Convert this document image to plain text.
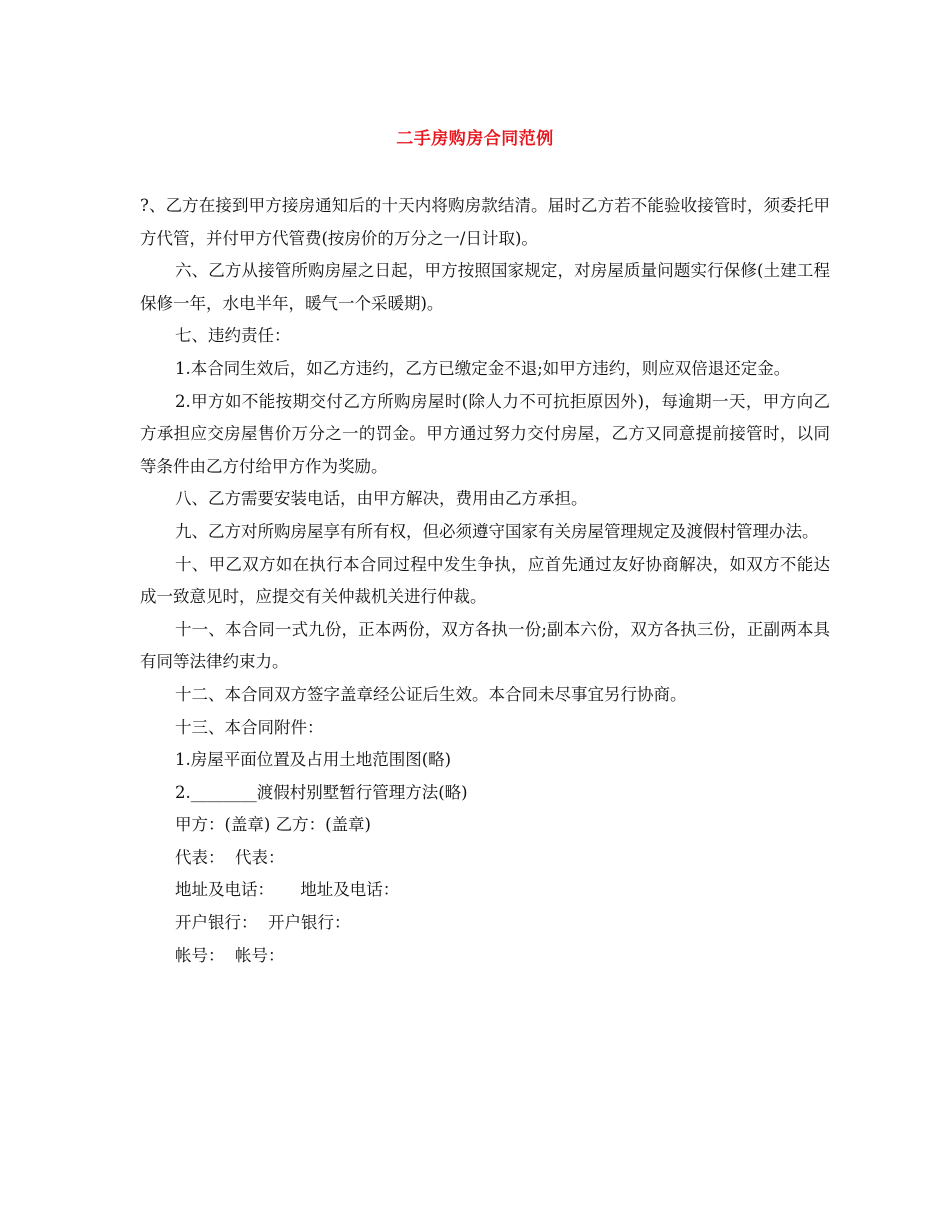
二手房购房合同范例

?、乙方在接到甲方接房通知后的十天内将购房款结清。届时乙方若不能验收接管时，须委托甲方代管，并付甲方代管费(按房价的万分之一/日计取)。

六、乙方从接管所购房屋之日起，甲方按照国家规定，对房屋质量问题实行保修(土建工程保修一年，水电半年，暖气一个采暖期)。

七、违约责任：

1.本合同生效后，如乙方违约，乙方已缴定金不退;如甲方违约，则应双倍退还定金。

2.甲方如不能按期交付乙方所购房屋时(除人力不可抗拒原因外)，每逾期一天，甲方向乙方承担应交房屋售价万分之一的罚金。甲方通过努力交付房屋，乙方又同意提前接管时，以同等条件由乙方付给甲方作为奖励。

八、乙方需要安装电话，由甲方解决，费用由乙方承担。

九、乙方对所购房屋享有所有权，但必须遵守国家有关房屋管理规定及渡假村管理办法。

十、甲乙双方如在执行本合同过程中发生争执，应首先通过友好协商解决，如双方不能达成一致意见时，应提交有关仲裁机关进行仲裁。

十一、本合同一式九份，正本两份，双方各执一份;副本六份，双方各执三份，正副两本具有同等法律约束力。

十二、本合同双方签字盖章经公证后生效。本合同未尽事宜另行协商。

十三、本合同附件：

1.房屋平面位置及占用土地范围图(略)

2.________渡假村别墅暂行管理方法(略)

甲方：(盖章) 乙方：(盖章)

代表：  代表：

地址及电话：     地址及电话：

开户银行：  开户银行：

帐号：  帐号：
